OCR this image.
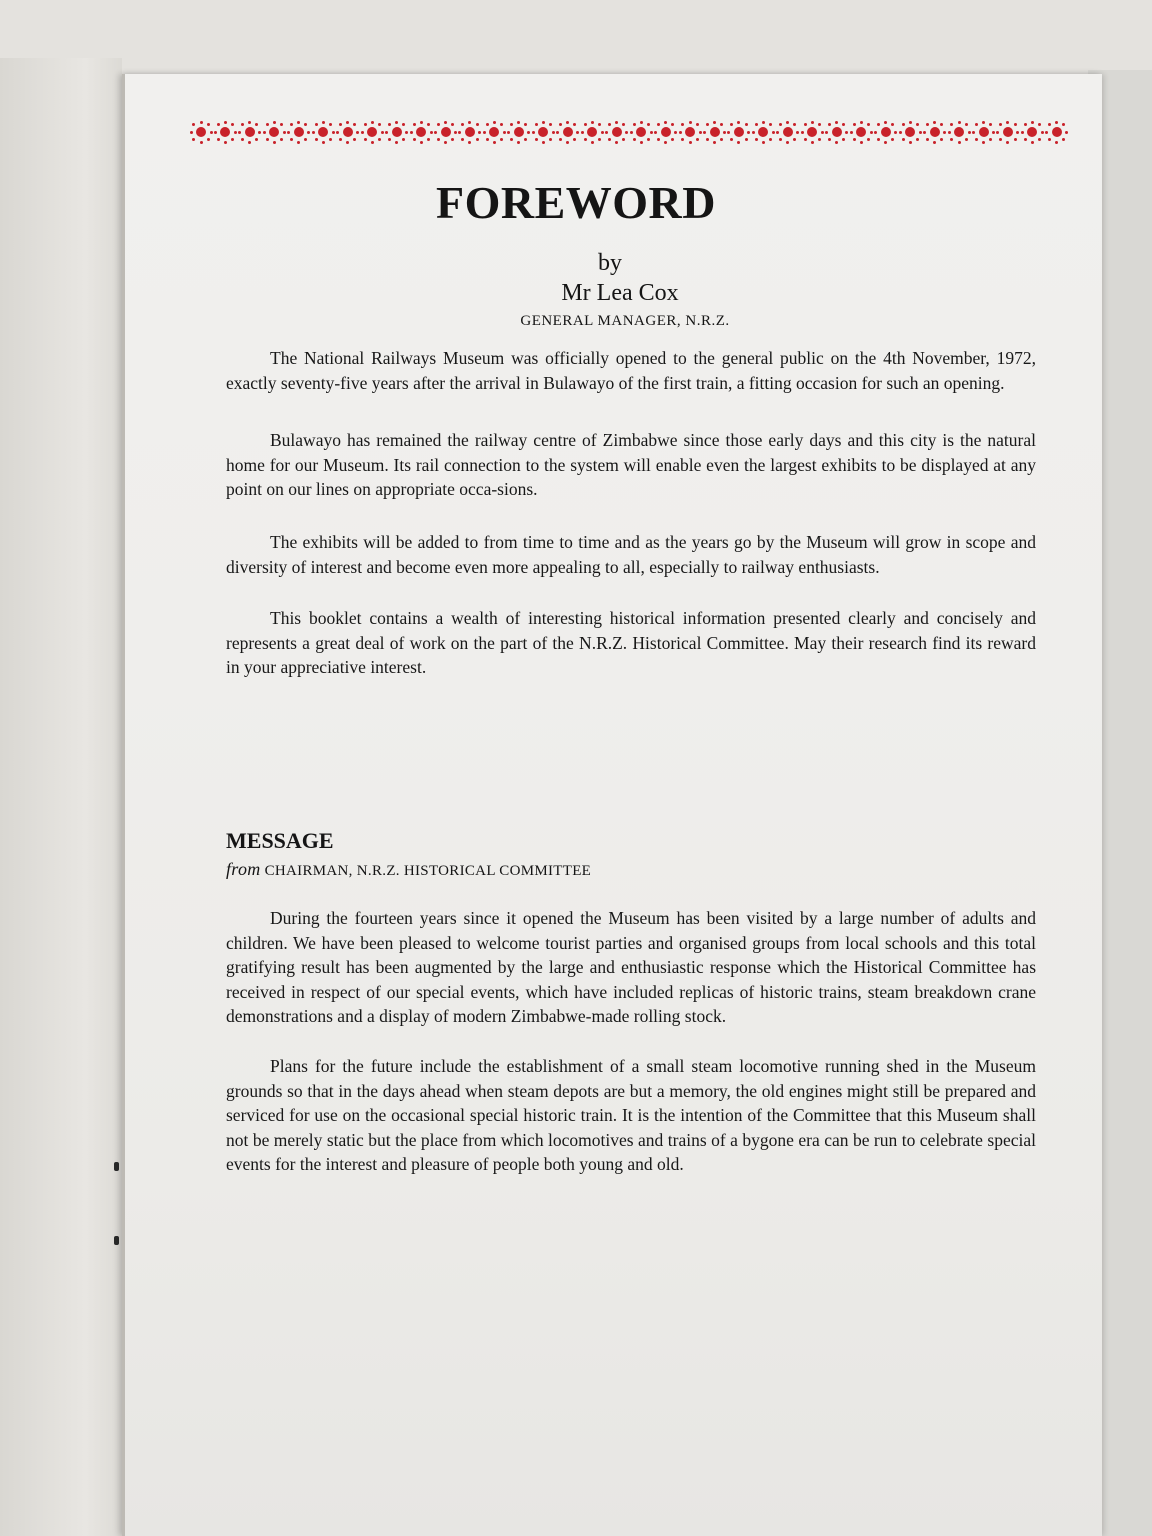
FOREWORD
by
Mr Lea Cox
GENERAL MANAGER, N.R.Z.
The National Railways Museum was officially opened to the general public on the 4th November, 1972, exactly seventy-five years after the arrival in Bulawayo of the first train, a fitting occasion for such an opening.
Bulawayo has remained the railway centre of Zimbabwe since those early days and this city is the natural home for our Museum. Its rail connection to the system will enable even the largest exhibits to be displayed at any point on our lines on appropriate occa-sions.
The exhibits will be added to from time to time and as the years go by the Museum will grow in scope and diversity of interest and become even more appealing to all, especially to railway enthusiasts.
This booklet contains a wealth of interesting historical information presented clearly and concisely and represents a great deal of work on the part of the N.R.Z. Historical Committee. May their research find its reward in your appreciative interest.
MESSAGE
from CHAIRMAN, N.R.Z. HISTORICAL COMMITTEE
During the fourteen years since it opened the Museum has been visited by a large number of adults and children. We have been pleased to welcome tourist parties and organised groups from local schools and this total gratifying result has been augmented by the large and enthusiastic response which the Historical Committee has received in respect of our special events, which have included replicas of historic trains, steam breakdown crane demonstrations and a display of modern Zimbabwe-made rolling stock.
Plans for the future include the establishment of a small steam locomotive running shed in the Museum grounds so that in the days ahead when steam depots are but a memory, the old engines might still be prepared and serviced for use on the occasional special historic train. It is the intention of the Committee that this Museum shall not be merely static but the place from which locomotives and trains of a bygone era can be run to celebrate special events for the interest and pleasure of people both young and old.
